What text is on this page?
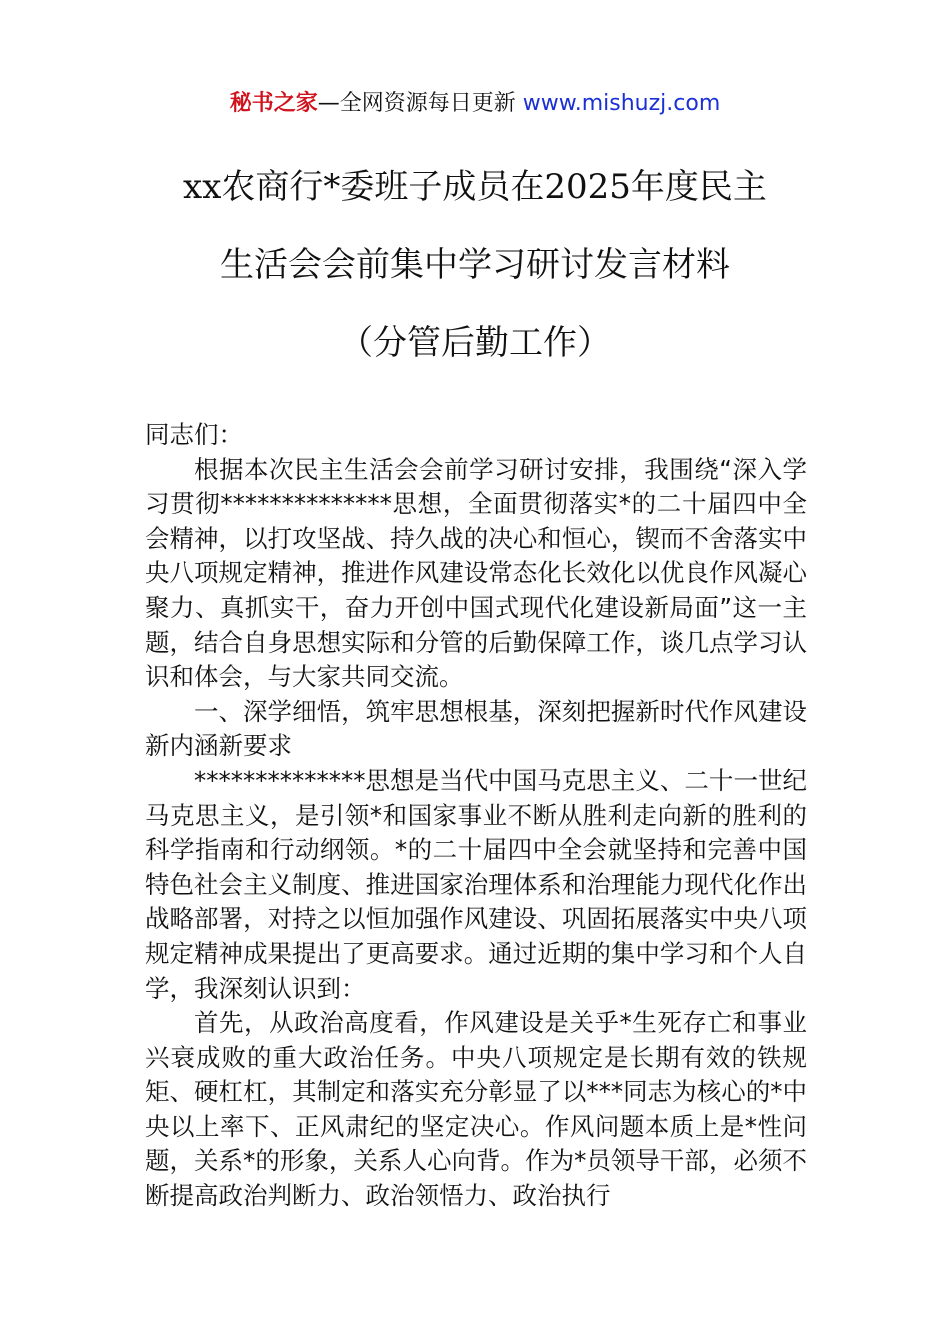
秘书之家—全网资源每日更新 www.mishuzj.com
xx农商行*委班子成员在2025年度民主
生活会会前集中学习研讨发言材料
（分管后勤工作）

同志们：

根据本次民主生活会会前学习研讨安排，我围绕“深入学习贯彻**************思想，全面贯彻落实*的二十届四中全会精神，以打攻坚战、持久战的决心和恒心，锲而不舍落实中央八项规定精神，推进作风建设常态化长效化以优良作风凝心聚力、真抓实干，奋力开创中国式现代化建设新局面”这一主题，结合自身思想实际和分管的后勤保障工作，谈几点学习认识和体会，与大家共同交流。

一、深学细悟，筑牢思想根基，深刻把握新时代作风建设新内涵新要求

**************思想是当代中国马克思主义、二十一世纪马克思主义，是引领*和国家事业不断从胜利走向新的胜利的科学指南和行动纲领。*的二十届四中全会就坚持和完善中国特色社会主义制度、推进国家治理体系和治理能力现代化作出战略部署，对持之以恒加强作风建设、巩固拓展落实中央八项规定精神成果提出了更高要求。通过近期的集中学习和个人自学，我深刻认识到：

首先，从政治高度看，作风建设是关乎*生死存亡和事业兴衰成败的重大政治任务。中央八项规定是长期有效的铁规矩、硬杠杠，其制定和落实充分彰显了以***同志为核心的*中央以上率下、正风肃纪的坚定决心。作风问题本质上是*性问题，关系*的形象，关系人心向背。作为*员领导干部，必须不断提高政治判断力、政治领悟力、政治执行
